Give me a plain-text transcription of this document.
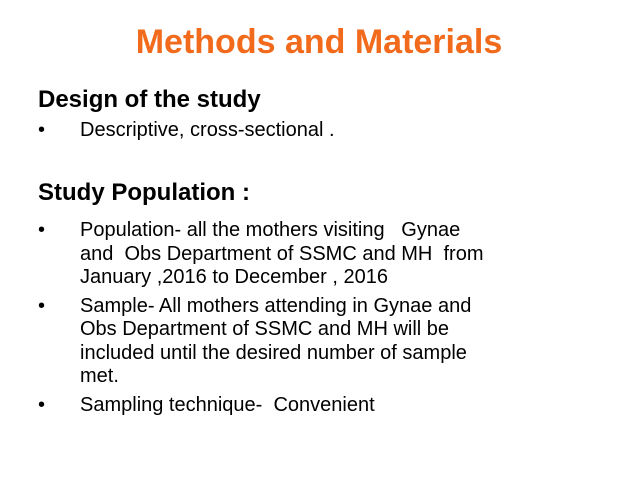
Methods and Materials
Design of the study
• Descriptive, cross-sectional .
Study Population :
• Population- all the mothers visiting   Gynae
and  Obs Department of SSMC and MH  from
January ,2016 to December , 2016
• Sample- All mothers attending in Gynae and
Obs Department of SSMC and MH will be
included until the desired number of sample
met.
• Sampling technique-  Convenient
